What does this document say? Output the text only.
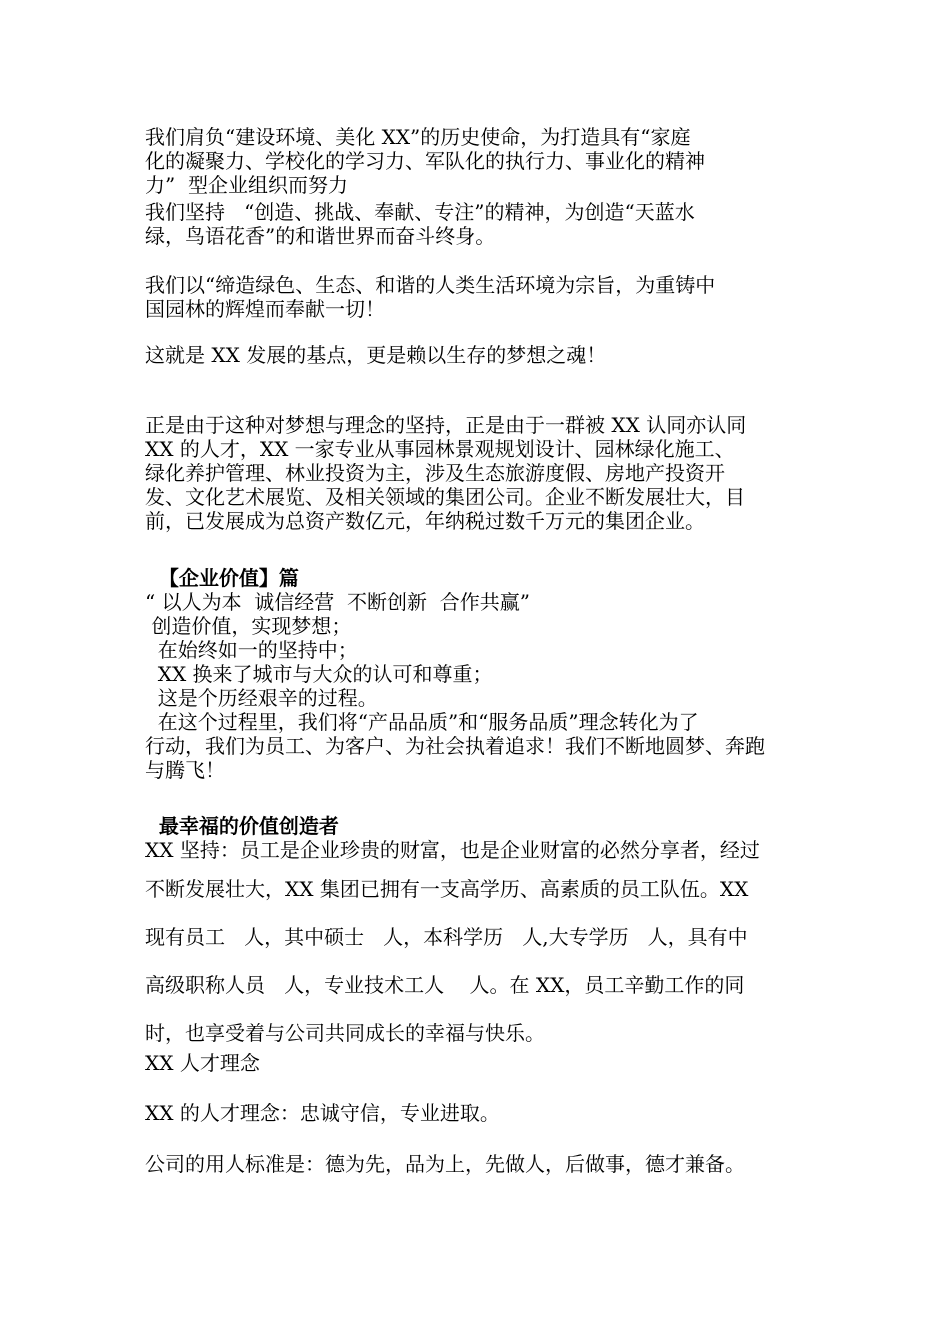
我们肩负“建设环境、美化 XX”的历史使命，为打造具有“家庭
化的凝聚力、学校化的学习力、军队化的执行力、事业化的精神
力”  型企业组织而努力

我们坚持   “创造、挑战、奉献、专注”的精神，为创造“天蓝水
绿，鸟语花香”的和谐世界而奋斗终身。

我们以“缔造绿色、生态、和谐的人类生活环境为宗旨，为重铸中
国园林的辉煌而奉献一切！

这就是 XX 发展的基点，更是赖以生存的梦想之魂！

正是由于这种对梦想与理念的坚持，正是由于一群被 XX 认同亦认同
XX 的人才，XX 一家专业从事园林景观规划设计、园林绿化施工、
绿化养护管理、林业投资为主，涉及生态旅游度假、房地产投资开
发、文化艺术展览、及相关领域的集团公司。企业不断发展壮大，目
前，已发展成为总资产数亿元，年纳税过数千万元的集团企业。

【企业价值】篇
“ 以人为本  诚信经营  不断创新  合作共赢”
创造价值，实现梦想；
在始终如一的坚持中；
XX 换来了城市与大众的认可和尊重；
这是个历经艰辛的过程。
在这个过程里，我们将“产品品质”和“服务品质”理念转化为了
行动，我们为员工、为客户、为社会执着追求！我们不断地圆梦、奔跑
与腾飞！

最幸福的价值创造者
XX 坚持：员工是企业珍贵的财富，也是企业财富的必然分享者，经过

不断发展壮大，XX 集团已拥有一支高学历、高素质的员工队伍。XX
现有员工   人，其中硕士   人，本科学历   人,大专学历   人，具有中
高级职称人员   人，专业技术工人    人。在 XX，员工辛勤工作的同
时，也享受着与公司共同成长的幸福与快乐。

XX 人才理念

XX 的人才理念：忠诚守信，专业进取。

公司的用人标准是：德为先，品为上，先做人，后做事，德才兼备。
